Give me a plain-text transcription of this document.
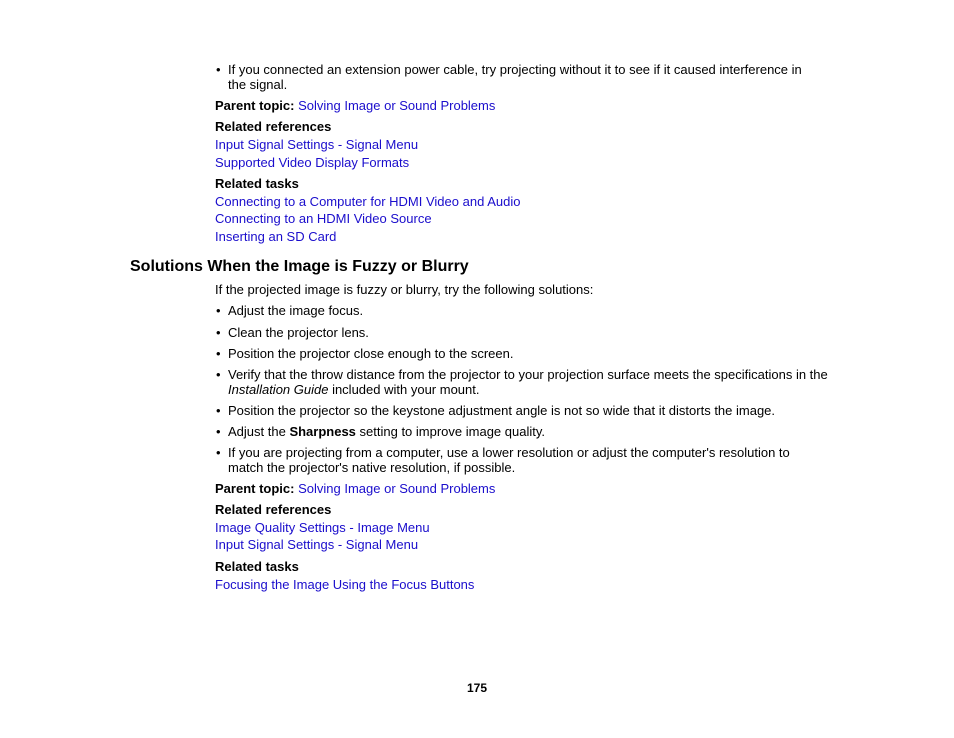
• If you connected an extension power cable, try projecting without it to see if it caused interference in the signal.
Parent topic: Solving Image or Sound Problems
Related references
Input Signal Settings - Signal Menu
Supported Video Display Formats
Related tasks
Connecting to a Computer for HDMI Video and Audio
Connecting to an HDMI Video Source
Inserting an SD Card
Solutions When the Image is Fuzzy or Blurry
If the projected image is fuzzy or blurry, try the following solutions:
• Adjust the image focus.
• Clean the projector lens.
• Position the projector close enough to the screen.
• Verify that the throw distance from the projector to your projection surface meets the specifications in the Installation Guide included with your mount.
• Position the projector so the keystone adjustment angle is not so wide that it distorts the image.
• Adjust the Sharpness setting to improve image quality.
• If you are projecting from a computer, use a lower resolution or adjust the computer's resolution to match the projector's native resolution, if possible.
Parent topic: Solving Image or Sound Problems
Related references
Image Quality Settings - Image Menu
Input Signal Settings - Signal Menu
Related tasks
Focusing the Image Using the Focus Buttons
175
